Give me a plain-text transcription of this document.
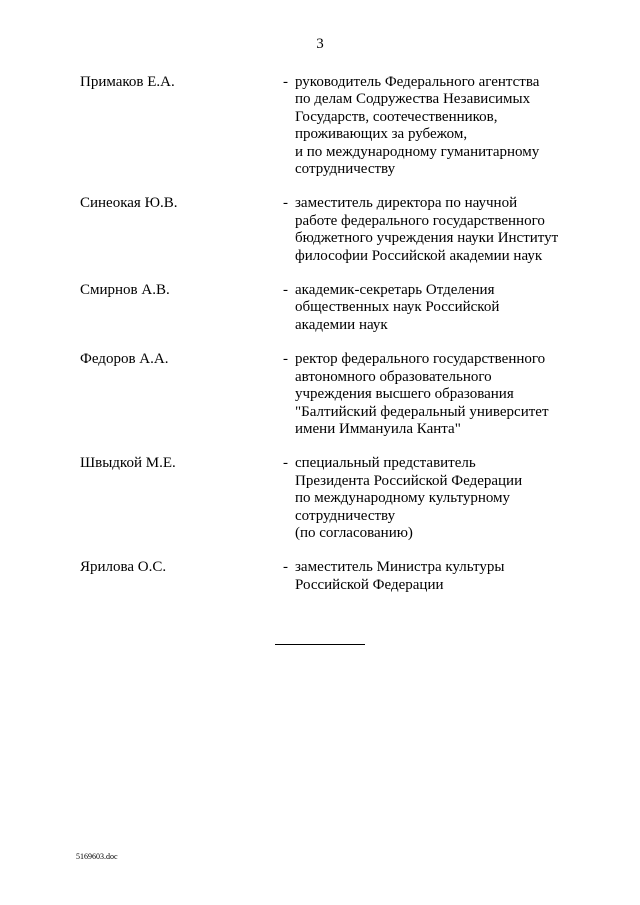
3
Примаков Е.А.	- руководитель Федерального агентства
по делам Содружества Независимых
Государств, соотечественников,
проживающих за рубежом,
и по международному гуманитарному
сотрудничеству
Синеокая Ю.В.	- заместитель директора по научной
работе федерального государственного
бюджетного учреждения науки Институт
философии Российской академии наук
Смирнов А.В.	- академик-секретарь Отделения
общественных наук Российской
академии наук
Федоров А.А.	- ректор федерального государственного
автономного образовательного
учреждения высшего образования
"Балтийский федеральный университет
имени Иммануила Канта"
Швыдкой М.Е.	- специальный представитель
Президента Российской Федерации
по международному культурному
сотрудничеству
(по согласованию)
Ярилова О.С.	- заместитель Министра культуры
Российской Федерации
5169603.doc
